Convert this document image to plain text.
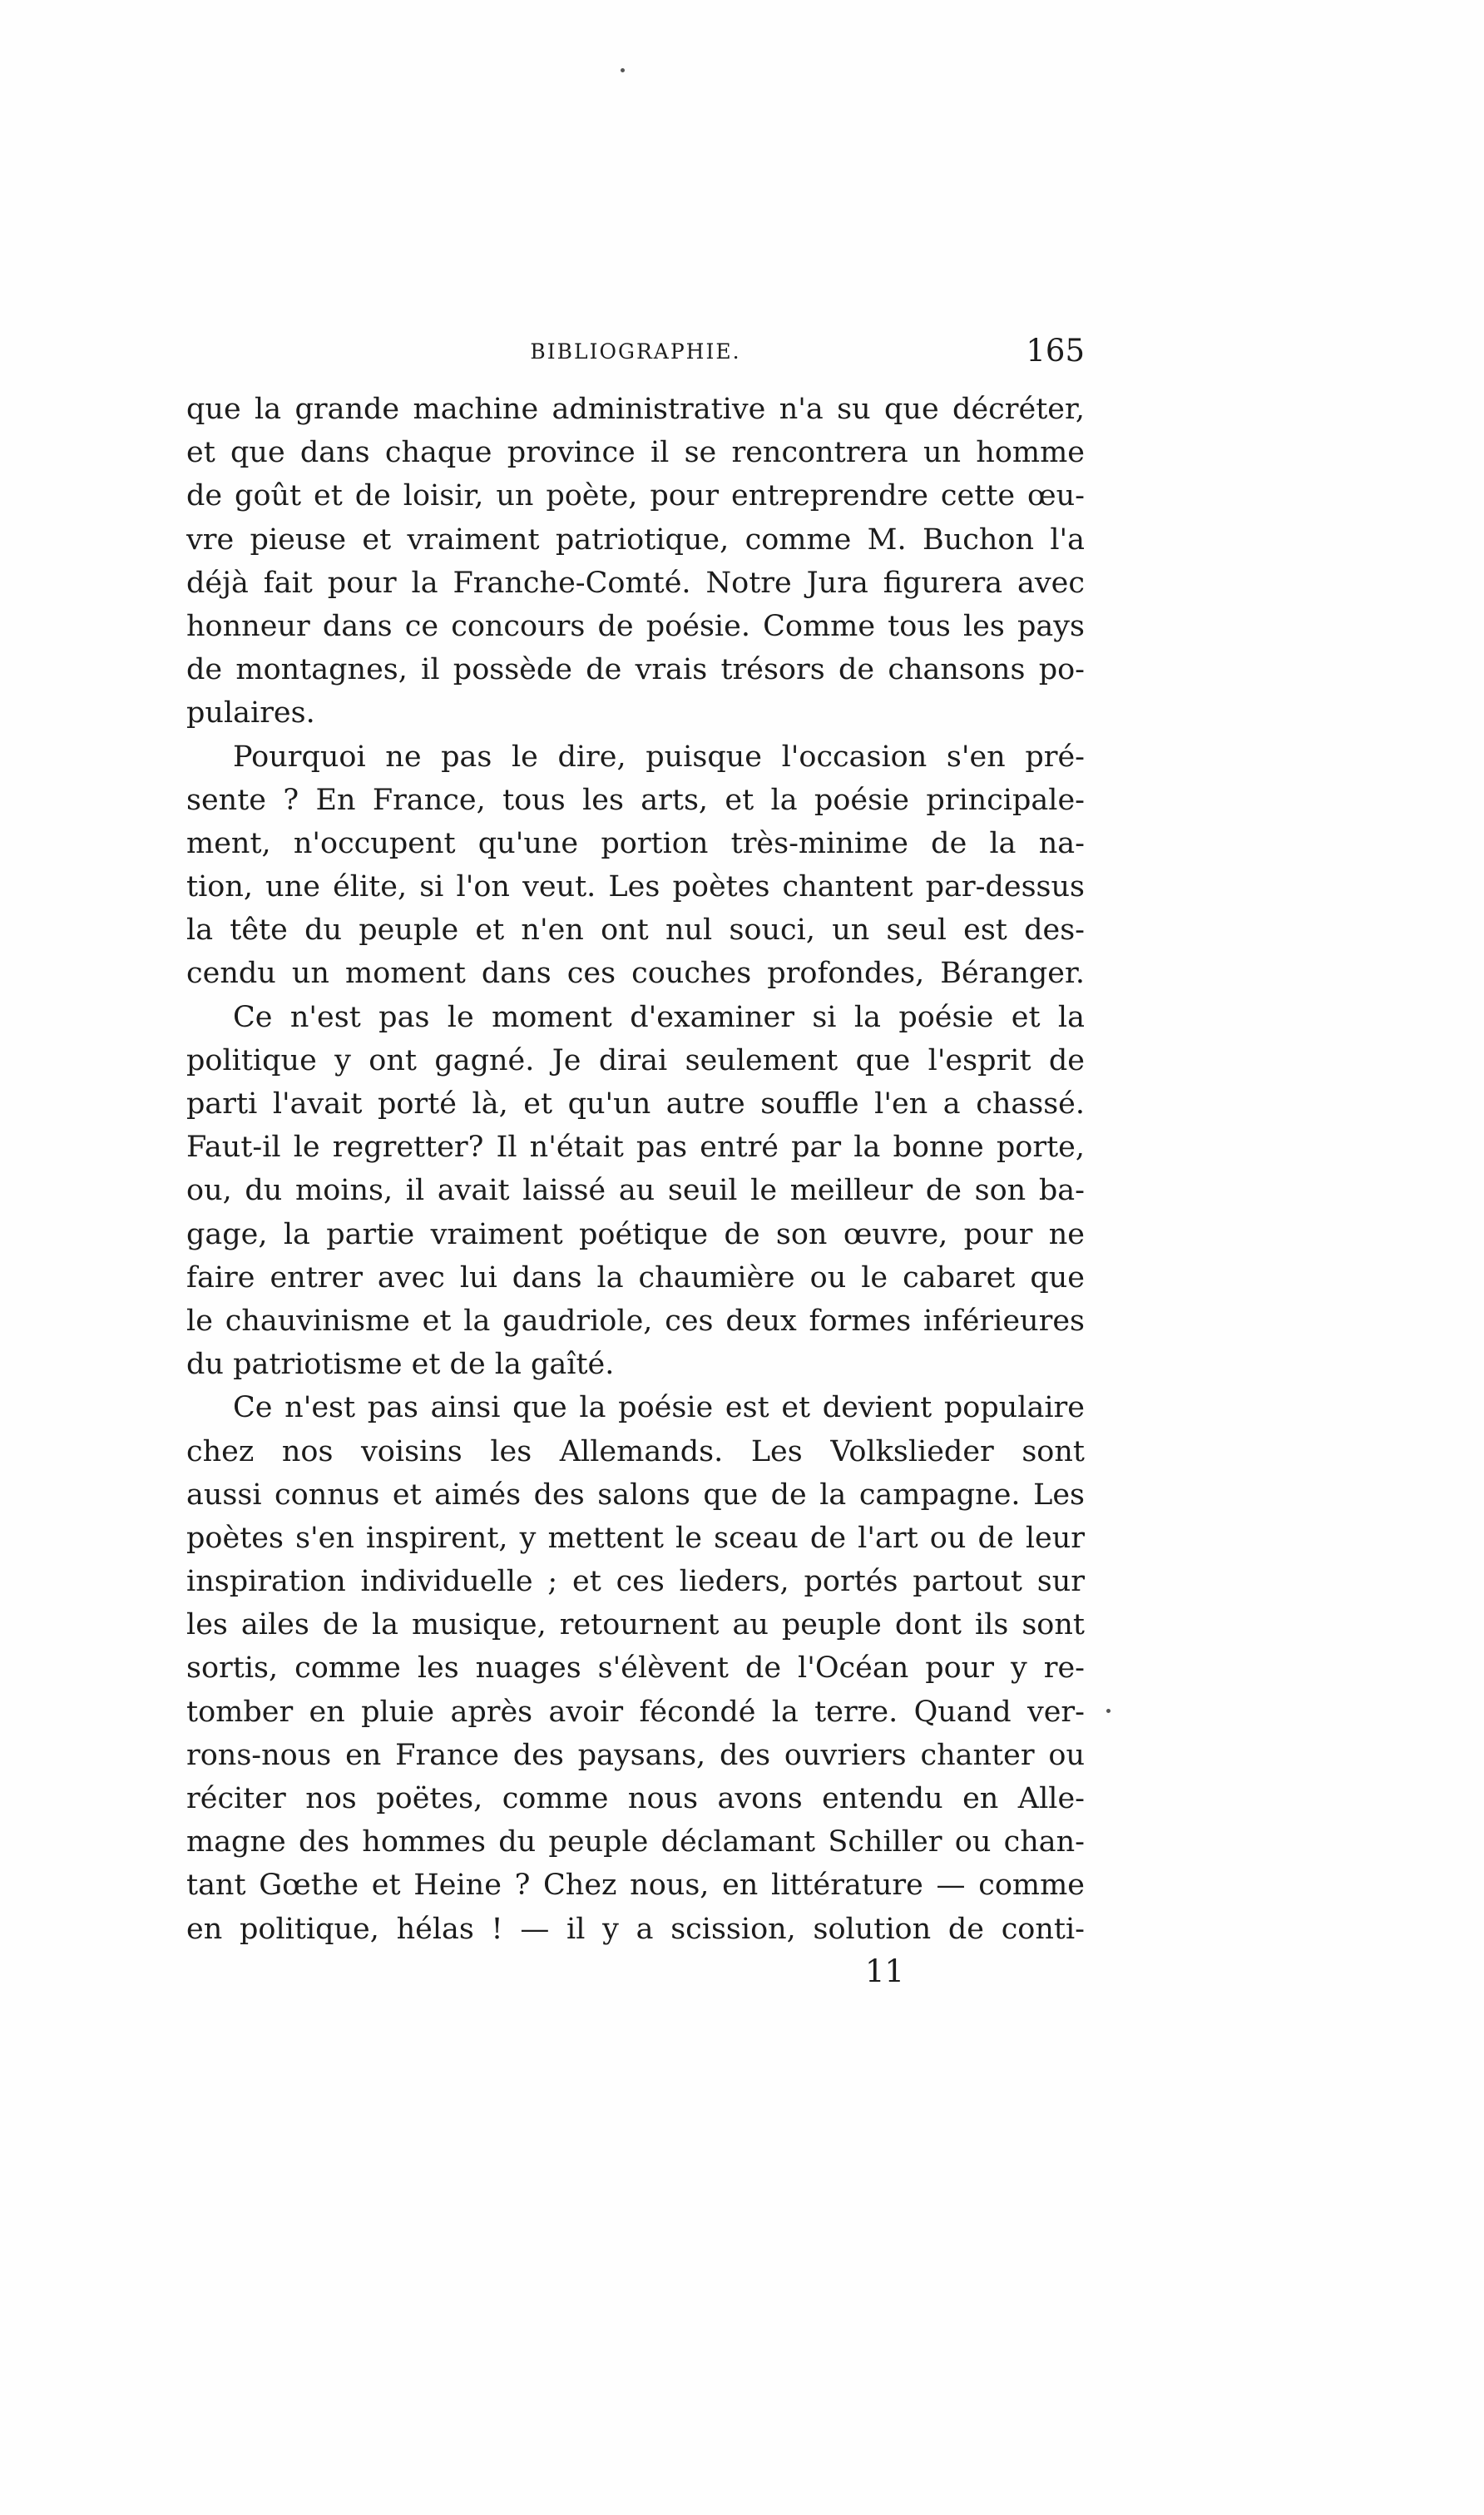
BIBLIOGRAPHIE.	165
que la grande machine administrative n'a su que décréter,
et que dans chaque province il se rencontrera un homme
de goût et de loisir, un poète, pour entreprendre cette œu-
vre pieuse et vraiment patriotique, comme M. Buchon l'a
déjà fait pour la Franche-Comté. Notre Jura figurera avec
honneur dans ce concours de poésie. Comme tous les pays
de montagnes, il possède de vrais trésors de chansons po-
pulaires.
Pourquoi ne pas le dire, puisque l'occasion s'en pré-
sente ? En France, tous les arts, et la poésie principale-
ment, n'occupent qu'une portion très-minime de la na-
tion, une élite, si l'on veut. Les poètes chantent par-dessus
la tête du peuple et n'en ont nul souci, un seul est des-
cendu un moment dans ces couches profondes, Béranger.
Ce n'est pas le moment d'examiner si la poésie et la
politique y ont gagné. Je dirai seulement que l'esprit de
parti l'avait porté là, et qu'un autre souffle l'en a chassé.
Faut-il le regretter? Il n'était pas entré par la bonne porte,
ou, du moins, il avait laissé au seuil le meilleur de son ba-
gage, la partie vraiment poétique de son œuvre, pour ne
faire entrer avec lui dans la chaumière ou le cabaret que
le chauvinisme et la gaudriole, ces deux formes inférieures
du patriotisme et de la gaîté.
Ce n'est pas ainsi que la poésie est et devient populaire
chez nos voisins les Allemands. Les Volkslieder sont
aussi connus et aimés des salons que de la campagne. Les
poètes s'en inspirent, y mettent le sceau de l'art ou de leur
inspiration individuelle ; et ces lieders, portés partout sur
les ailes de la musique, retournent au peuple dont ils sont
sortis, comme les nuages s'élèvent de l'Océan pour y re-
tomber en pluie après avoir fécondé la terre. Quand ver-
rons-nous en France des paysans, des ouvriers chanter ou
réciter nos poëtes, comme nous avons entendu en Alle-
magne des hommes du peuple déclamant Schiller ou chan-
tant Gœthe et Heine ? Chez nous, en littérature — comme
en politique, hélas ! — il y a scission, solution de conti-
11
